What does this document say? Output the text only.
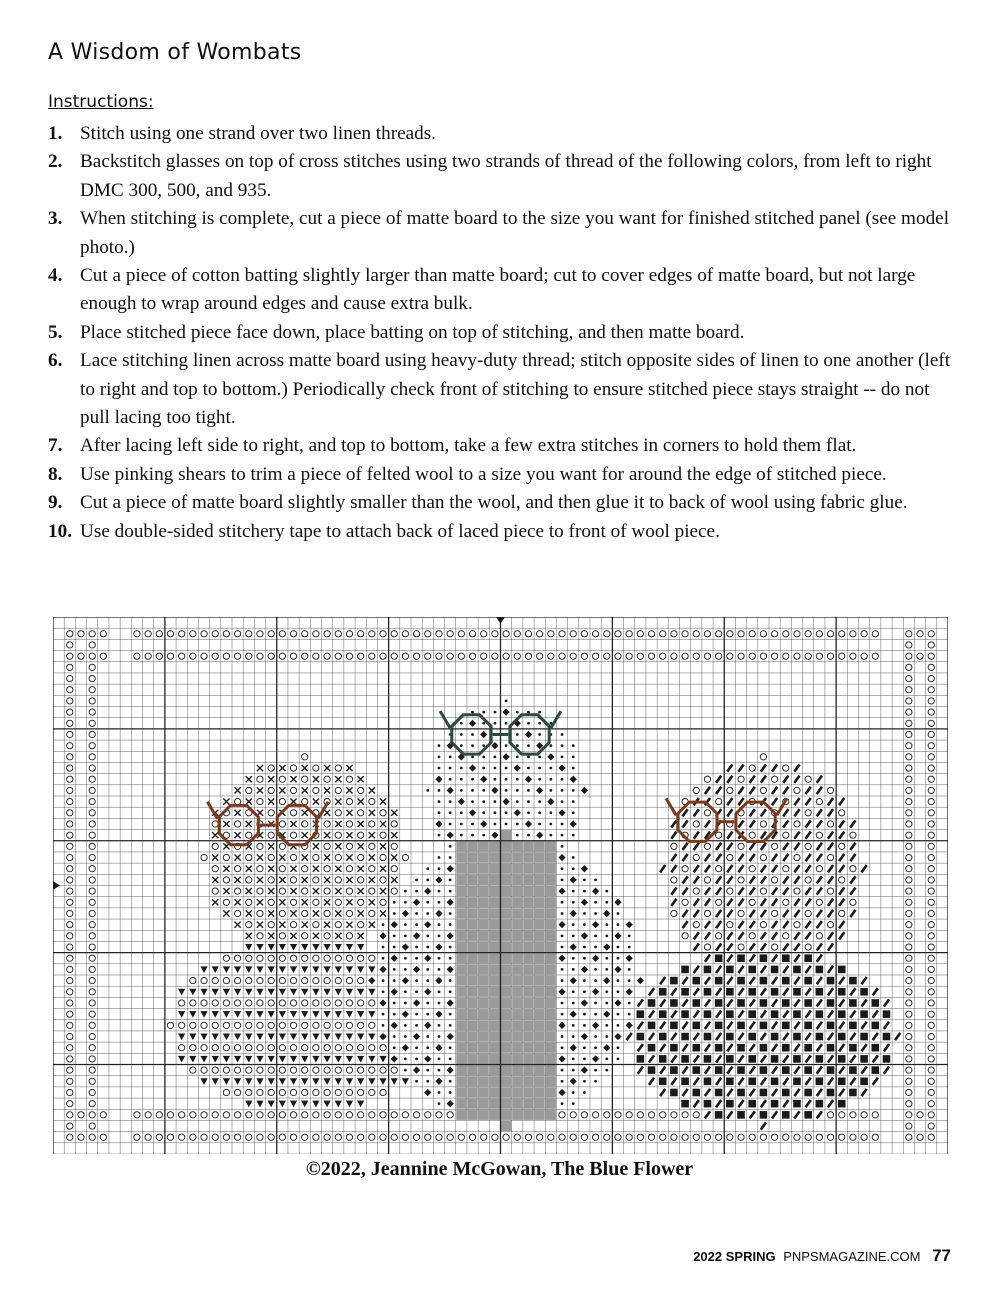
A Wisdom of Wombats
Instructions:
1. Stitch using one strand over two linen threads.
2. Backstitch glasses on top of cross stitches using two strands of thread of the following colors, from left to right DMC 300, 500, and 935.
3. When stitching is complete, cut a piece of matte board to the size you want for finished stitched panel (see model photo.)
4. Cut a piece of cotton batting slightly larger than matte board; cut to cover edges of matte board, but not large enough to wrap around edges and cause extra bulk.
5. Place stitched piece face down, place batting on top of stitching, and then matte board.
6. Lace stitching linen across matte board using heavy-duty thread; stitch opposite sides of linen to one another (left to right and top to bottom.) Periodically check front of stitching to ensure stitched piece stays straight -- do not pull lacing too tight.
7. After lacing left side to right, and top to bottom, take a few extra stitches in corners to hold them flat.
8. Use pinking shears to trim a piece of felted wool to a size you want for around the edge of stitched piece.
9. Cut a piece of matte board slightly smaller than the wool, and then glue it to back of wool using fabric glue.
10. Use double-sided stitchery tape to attach back of laced piece to front of wool piece.
©2022, Jeannine McGowan, The Blue Flower
2022 SPRING PNPSMAGAZINE.COM 77
